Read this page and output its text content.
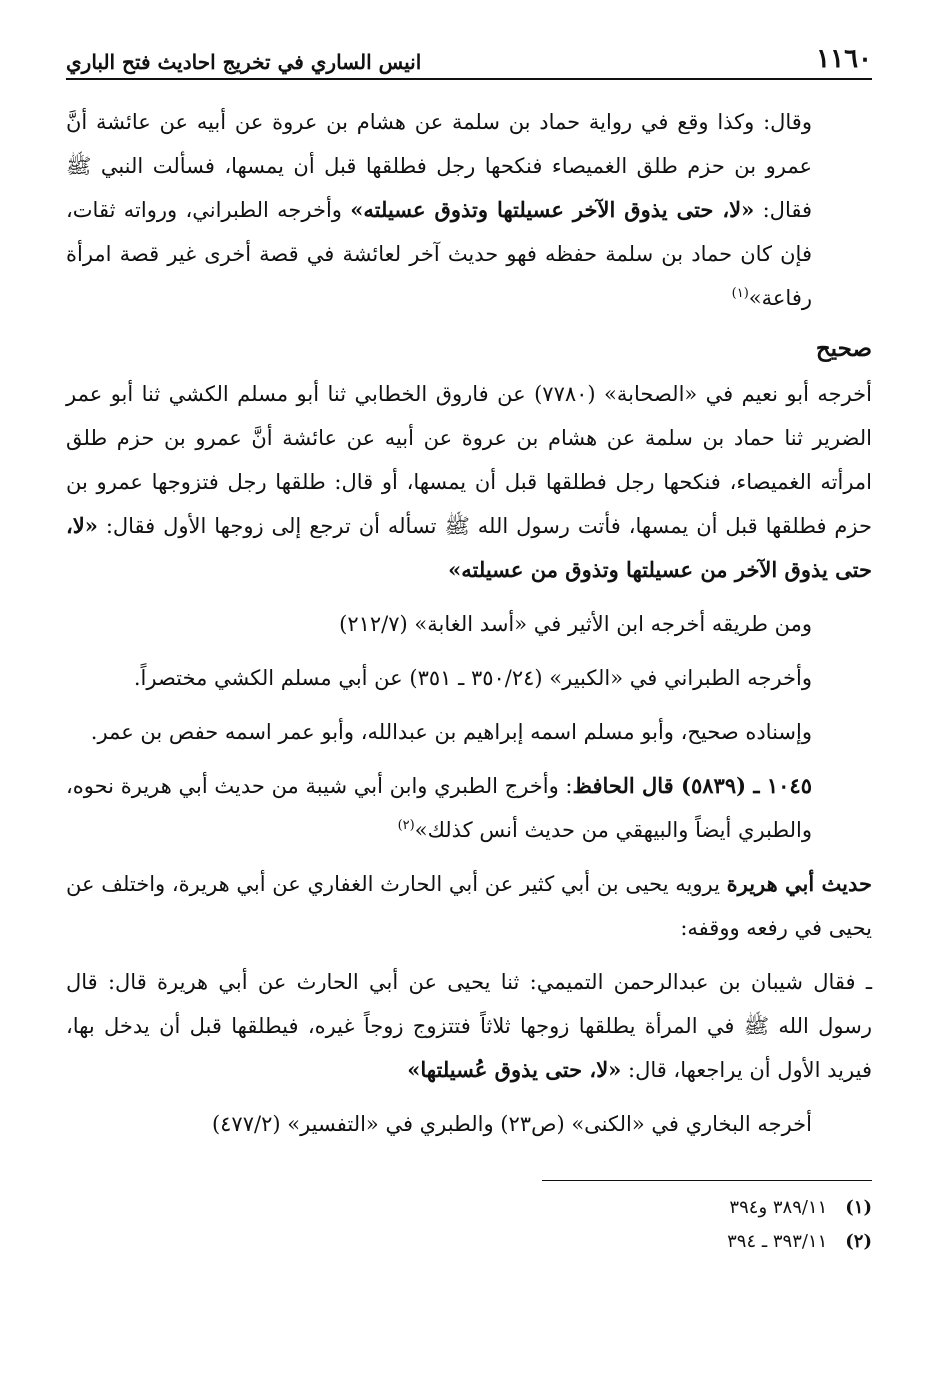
١١٦٠
انيس الساري في تخريج احاديث فتح الباري

وقال: وكذا وقع في رواية حماد بن سلمة عن هشام بن عروة عن أبيه عن عائشة أنَّ عمرو بن حزم طلق الغميصاء فنكحها رجل فطلقها قبل أن يمسها، فسألت النبي ﷺ فقال: «لا، حتى يذوق الآخر عسيلتها وتذوق عسيلته» وأخرجه الطبراني، ورواته ثقات، فإن كان حماد بن سلمة حفظه فهو حديث آخر لعائشة في قصة أخرى غير قصة امرأة رفاعة»$^{(١)}$

صحيح

أخرجه أبو نعيم في «الصحابة» (٧٧٨٠) عن فاروق الخطابي ثنا أبو مسلم الكشي ثنا أبو عمر الضرير ثنا حماد بن سلمة عن هشام بن عروة عن أبيه عن عائشة أنَّ عمرو بن حزم طلق امرأته الغميصاء، فنكحها رجل فطلقها قبل أن يمسها، أو قال: طلقها رجل فتزوجها عمرو بن حزم فطلقها قبل أن يمسها، فأتت رسول الله ﷺ تسأله أن ترجع إلى زوجها الأول فقال: «لا، حتى يذوق الآخر من عسيلتها وتذوق من عسيلته»

ومن طريقه أخرجه ابن الأثير في «أسد الغابة» (٢١٢/٧)

وأخرجه الطبراني في «الكبير» (٣٥٠/٢٤ ـ ٣٥١) عن أبي مسلم الكشي مختصراً.

وإسناده صحيح، وأبو مسلم اسمه إبراهيم بن عبدالله، وأبو عمر اسمه حفص بن عمر.

١٠٤٥ ـ (٥٨٣٩) قال الحافظ: وأخرج الطبري وابن أبي شيبة من حديث أبي هريرة نحوه، والطبري أيضاً والبيهقي من حديث أنس كذلك»$^{(٢)}$

حديث أبي هريرة يرويه يحيى بن أبي كثير عن أبي الحارث الغفاري عن أبي هريرة، واختلف عن يحيى في رفعه ووقفه:

ـ فقال شيبان بن عبدالرحمن التميمي: ثنا يحيى عن أبي الحارث عن أبي هريرة قال: قال رسول الله ﷺ في المرأة يطلقها زوجها ثلاثاً فتتزوج زوجاً غيره، فيطلقها قبل أن يدخل بها، فيريد الأول أن يراجعها، قال: «لا، حتى يذوق عُسيلتها»

أخرجه البخاري في «الكنى» (ص٢٣) والطبري في «التفسير» (٤٧٧/٢)

(١)
٣٨٩/١١ و٣٩٤
(٢)
٣٩٣/١١ ـ ٣٩٤
